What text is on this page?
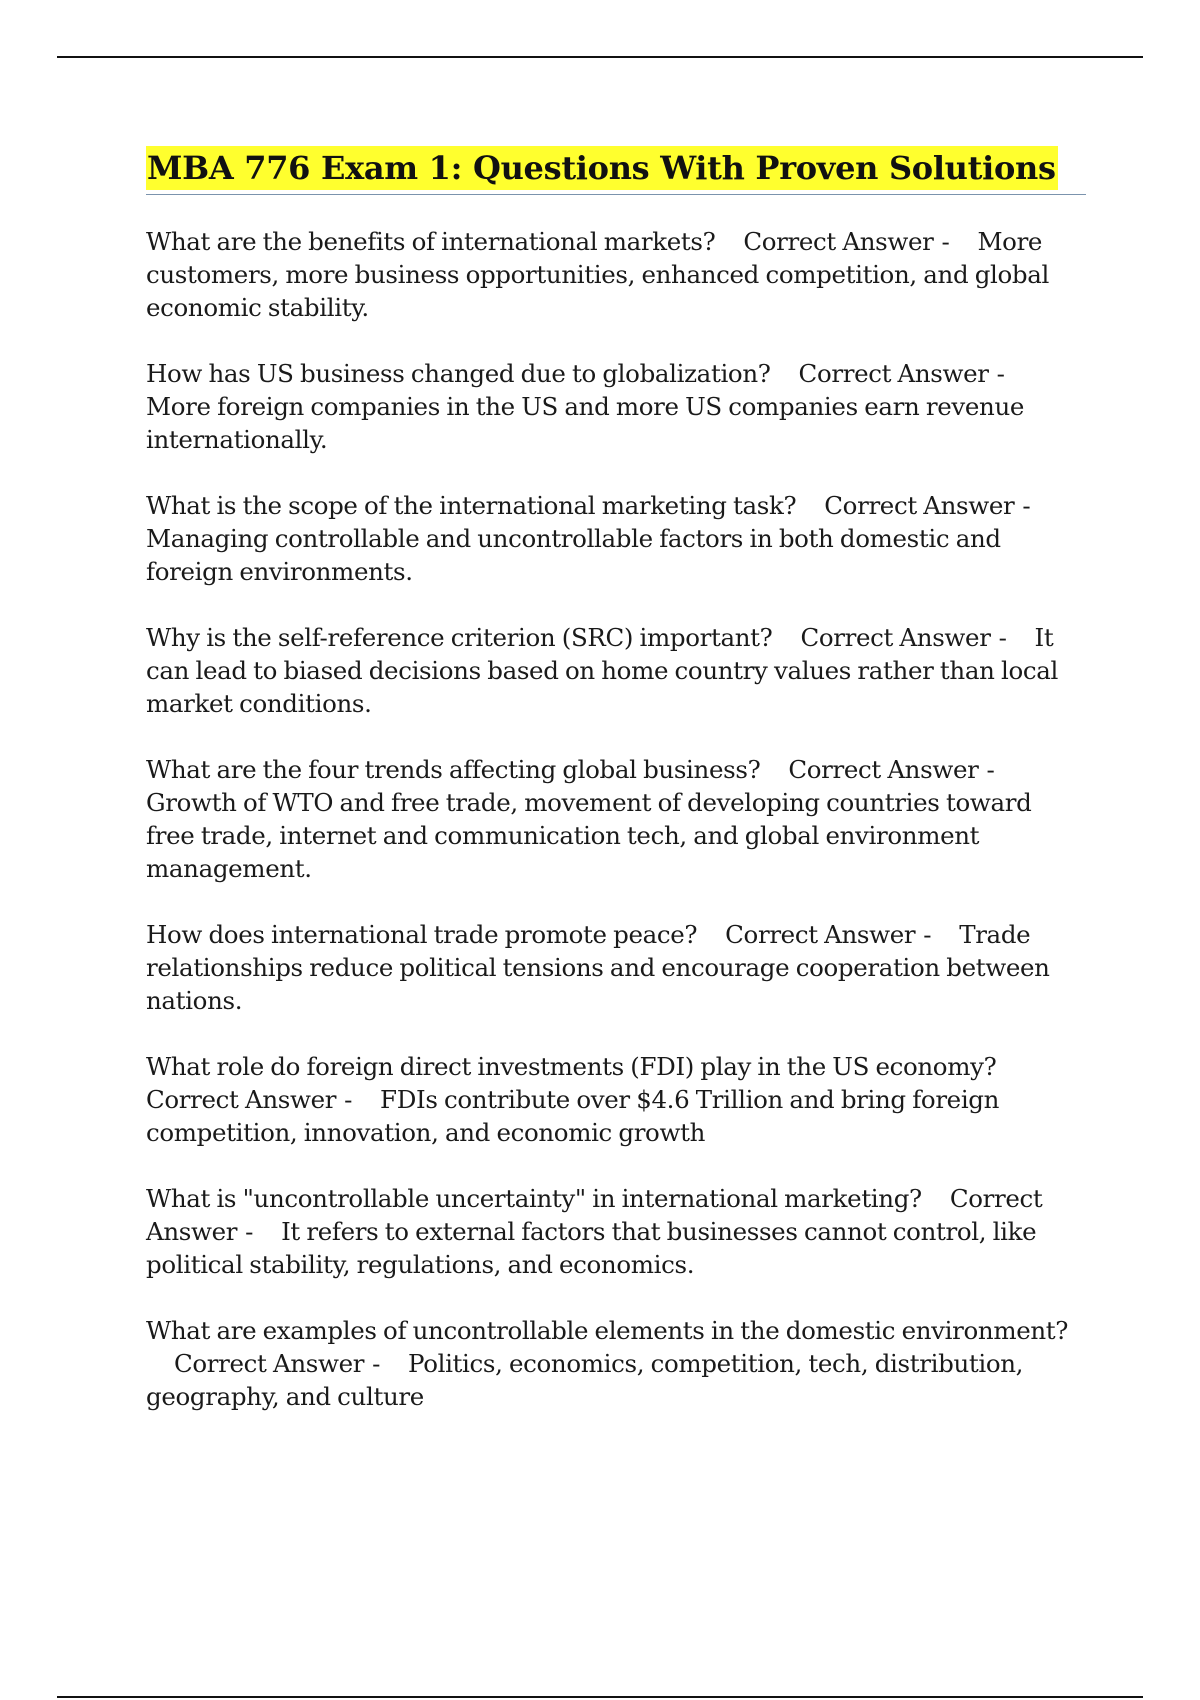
MBA 776 Exam 1: Questions With Proven Solutions

What are the benefits of international markets? Correct Answer - More customers, more business opportunities, enhanced competition, and global economic stability.

How has US business changed due to globalization? Correct Answer -More foreign companies in the US and more US companies earn revenue internationally.

What is the scope of the international marketing task? Correct Answer -Managing controllable and uncontrollable factors in both domestic and foreign environments.

Why is the self-reference criterion (SRC) important? Correct Answer - It can lead to biased decisions based on home country values rather than local market conditions.

What are the four trends affecting global business? Correct Answer -Growth of WTO and free trade, movement of developing countries toward free trade, internet and communication tech, and global environment management.

How does international trade promote peace? Correct Answer - Trade relationships reduce political tensions and encourage cooperation between nations.

What role do foreign direct investments (FDI) play in the US economy?Correct Answer - FDIs contribute over $4.6 Trillion and bring foreign competition, innovation, and economic growth

What is "uncontrollable uncertainty" in international marketing? Correct Answer - It refers to external factors that businesses cannot control, like political stability, regulations, and economics.

What are examples of uncontrollable elements in the domestic environment?Correct Answer - Politics, economics, competition, tech, distribution, geography, and culture
